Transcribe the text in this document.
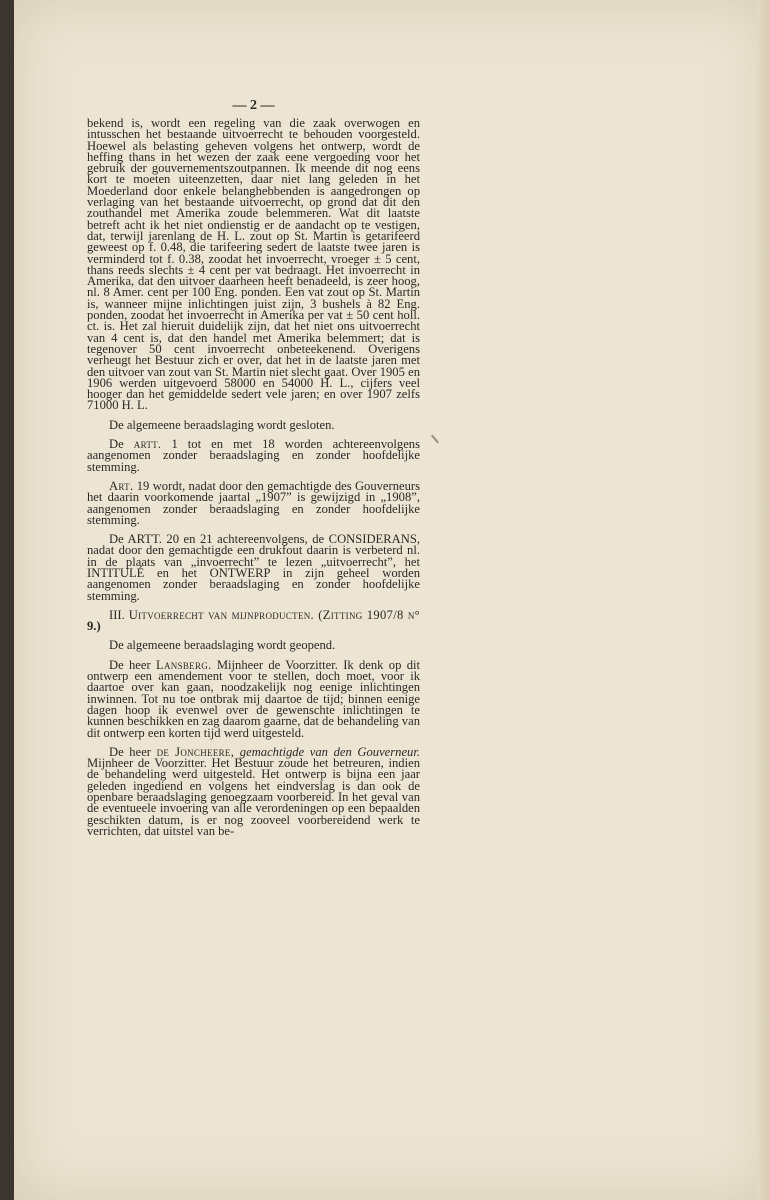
— 2 —

bekend is, wordt een regeling van die zaak overwogen en intusschen het bestaande uitvoerrecht te behouden voorgesteld. Hoewel als belasting geheven volgens het ontwerp, wordt de heffing thans in het wezen der zaak eene vergoeding voor het gebruik der gouvernementszoutpannen. Ik meende dit nog eens kort te moeten uiteenzetten, daar niet lang geleden in het Moederland door enkele belanghebbenden is aangedrongen op verlaging van het bestaande uitvoerrecht, op grond dat dit den zouthandel met Amerika zoude belemmeren. Wat dit laatste betreft acht ik het niet ondienstig er de aandacht op te vestigen, dat, terwijl jarenlang de H. L. zout op St. Martin is getarifeerd geweest op f. 0.48, die tarifeering sedert de laatste twee jaren is verminderd tot f. 0.38, zoodat het invoerrecht, vroeger ± 5 cent, thans reeds slechts ± 4 cent per vat bedraagt. Het invoerrecht in Amerika, dat den uitvoer daarheen heeft benadeeld, is zeer hoog, nl. 8 Amer. cent per 100 Eng. ponden. Een vat zout op St. Martin is, wanneer mijne inlichtingen juist zijn, 3 bushels à 82 Eng. ponden, zoodat het invoerrecht in Amerika per vat ± 50 cent holl. ct. is. Het zal hieruit duidelijk zijn, dat het niet ons uitvoerrecht van 4 cent is, dat den handel met Amerika belemmert; dat is tegenover 50 cent invoerrecht onbeteekenend. Overigens verheugt het Bestuur zich er over, dat het in de laatste jaren met den uitvoer van zout van St. Martin niet slecht gaat. Over 1905 en 1906 werden uitgevoerd 58000 en 54000 H. L., cijfers veel hooger dan het gemiddelde sedert vele jaren; en over 1907 zelfs 71000 H. L.

De algemeene beraadslaging wordt gesloten.

De artt. 1 tot en met 18 worden achtereenvolgens aangenomen zonder beraadslaging en zonder hoofdelijke stemming.

Art. 19 wordt, nadat door den gemachtigde des Gouverneurs het daarin voorkomende jaartal „1907” is gewijzigd in „1908”, aangenomen zonder beraadslaging en zonder hoofdelijke stemming.

De ARTT. 20 en 21 achtereenvolgens, de CONSIDERANS, nadat door den gemachtigde een drukfout daarin is verbeterd nl. in de plaats van „invoerrecht” te lezen „uitvoerrecht”, het INTITULÉ en het ONTWERP in zijn geheel worden aangenomen zonder beraadslaging en zonder hoofdelijke stemming.

III. Uitvoerrecht van mijnproducten. (Zitting 1907/8 n° 9.)

De algemeene beraadslaging wordt geopend.

De heer Lansberg. Mijnheer de Voorzitter. Ik denk op dit ontwerp een amendement voor te stellen, doch moet, voor ik daartoe over kan gaan, noodzakelijk nog eenige inlichtingen inwinnen. Tot nu toe ontbrak mij daartoe de tijd; binnen eenige dagen hoop ik evenwel over de gewenschte inlichtingen te kunnen beschikken en zag daarom gaarne, dat de behandeling van dit ontwerp een korten tijd werd uitgesteld.

De heer de Joncheere, gemachtigde van den Gouverneur. Mijnheer de Voorzitter. Het Bestuur zoude het betreuren, indien de behandeling werd uitgesteld. Het ontwerp is bijna een jaar geleden ingediend en volgens het eindverslag is dan ook de openbare beraadslaging genoegzaam voorbereid. In het geval van de eventueele invoering van alle verordeningen op een bepaalden geschikten datum, is er nog zooveel voorbereidend werk te verrichten, dat uitstel van be-
